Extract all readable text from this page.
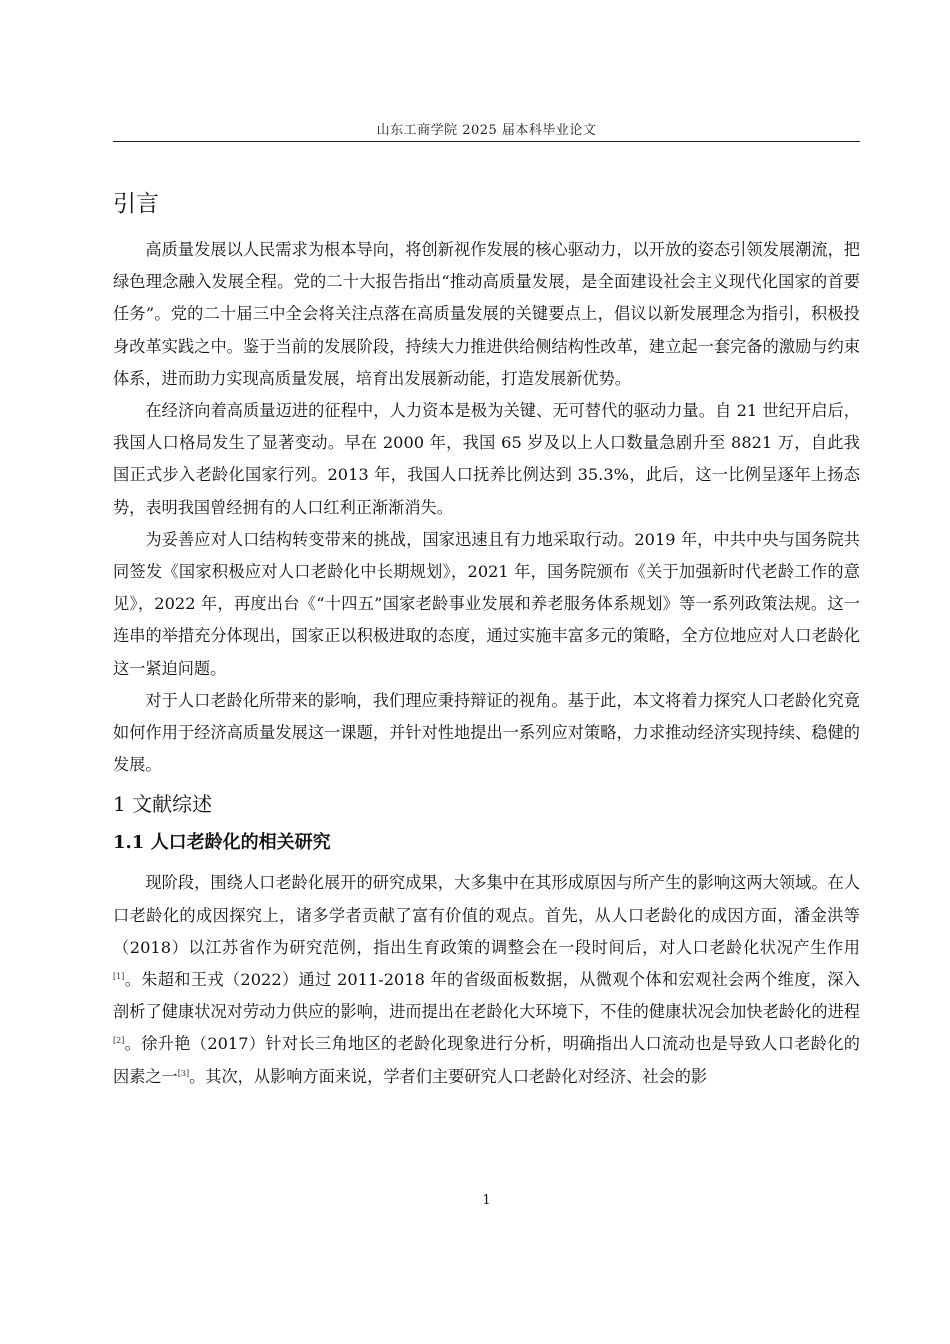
山东工商学院 2025 届本科毕业论文
引言

高质量发展以人民需求为根本导向，将创新视作发展的核心驱动力，以开放的姿态引领发展潮流，把绿色理念融入发展全程。党的二十大报告指出“推动高质量发展，是全面建设社会主义现代化国家的首要任务”。党的二十届三中全会将关注点落在高质量发展的关键要点上，倡议以新发展理念为指引，积极投身改革实践之中。鉴于当前的发展阶段，持续大力推进供给侧结构性改革，建立起一套完备的激励与约束体系，进而助力实现高质量发展，培育出发展新动能，打造发展新优势。

在经济向着高质量迈进的征程中，人力资本是极为关键、无可替代的驱动力量。自 21 世纪开启后，我国人口格局发生了显著变动。早在 2000 年，我国 65 岁及以上人口数量急剧升至 8821 万，自此我国正式步入老龄化国家行列。2013 年，我国人口抚养比例达到 35.3%，此后，这一比例呈逐年上扬态势，表明我国曾经拥有的人口红利正渐渐消失。

为妥善应对人口结构转变带来的挑战，国家迅速且有力地采取行动。2019 年，中共中央与国务院共同签发《国家积极应对人口老龄化中长期规划》，2021 年，国务院颁布《关于加强新时代老龄工作的意见》，2022 年，再度出台《“十四五”国家老龄事业发展和养老服务体系规划》等一系列政策法规。这一连串的举措充分体现出，国家正以积极进取的态度，通过实施丰富多元的策略，全方位地应对人口老龄化这一紧迫问题。

对于人口老龄化所带来的影响，我们理应秉持辩证的视角。基于此，本文将着力探究人口老龄化究竟如何作用于经济高质量发展这一课题，并针对性地提出一系列应对策略，力求推动经济实现持续、稳健的发展。

1 文献综述
1.1 人口老龄化的相关研究

现阶段，围绕人口老龄化展开的研究成果，大多集中在其形成原因与所产生的影响这两大领域。在人口老龄化的成因探究上，诸多学者贡献了富有价值的观点。首先，从人口老龄化的成因方面，潘金洪等（2018）以江苏省作为研究范例，指出生育政策的调整会在一段时间后，对人口老龄化状况产生作用[1]。朱超和王戎（2022）通过 2011-2018 年的省级面板数据，从微观个体和宏观社会两个维度，深入剖析了健康状况对劳动力供应的影响，进而提出在老龄化大环境下，不佳的健康状况会加快老龄化的进程[2]。徐升艳（2017）针对长三角地区的老龄化现象进行分析，明确指出人口流动也是导致人口老龄化的因素之一[3]。其次，从影响方面来说，学者们主要研究人口老龄化对经济、社会的影

1
